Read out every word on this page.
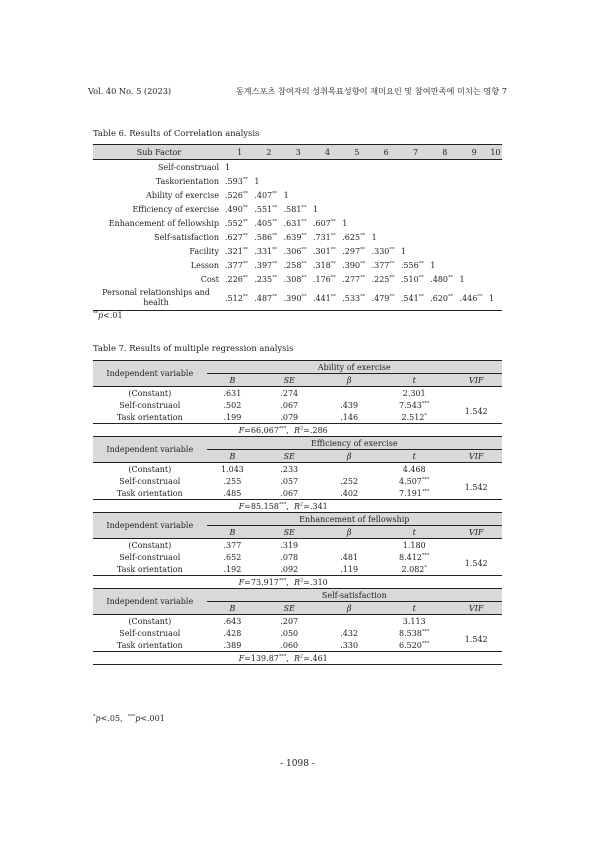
Vol. 40 No. 5 (2023)	동계스포츠 참여자의 성취목표성향이 재미요인 및 참여만족에 미치는 영향 7
Table 6. Results of Correlation analysis
Sub Factor	1	2	3	4	5	6	7	8	9	10
Self-construaol	1									
Taskorientation	.593**	1								
Ability of exercise	.526**	.407**	1							
Efficiency of exercise	.490**	.551**	.581**	1						
Enhancement of fellowship	.552**	.405**	.631**	.607**	1					
Self-satisfaction	.627**	.586**	.639**	.731**	.625**	1				
Facility	.321**	.331**	.306**	.301**	.297**	.330**	1			
Lesson	.377**	.397**	.258**	.318**	.390**	.377**	.556**	1		
Cost	.226**	.235**	.308**	.176**	.277**	.225**	.510**	.480**	1	
Personal relationships and health	.512**	.487**	.390**	.441**	.533**	.479**	.541**	.620**	.446**	1
**p<.01
Table 7. Results of multiple regression analysis
Independent variable	Ability of exercise				
	B	SE	β	t	VIF
(Constant)	.631	.274		2.301	
Self-construaol	.502	.067	.439	7.543***	1.542
Task orientation	.199	.079	.146	2.512*
	F=66.067***,  $R^2=.286$				
Independent variable	Efficiency of exercise				
	B	SE	β	t	VIF
(Constant)	1.043	.233		4.468	
Self-construaol	.255	.057	.252	4.507***	1.542
Task orientation	.485	.067	.402	7.191***
	F=85.158***,  $R^2=.341$				
Independent variable	Enhancement of fellowship				
	B	SE	β	t	VIF
(Constant)	.377	.319		1.180	
Self-construaol	.652	.078	.481	8.412***	1.542
Task orientation	.192	.092	.119	2.082*
	F=73.917***,  $R^2=.310$				
Independent variable	Self-satisfaction				
	B	SE	β	t	VIF
(Constant)	.643	.207		3.113	
Self-construaol	.428	.050	.432	8.538***	1.542
Task orientation	.389	.060	.330	6.520***
	F=139.87***,  $R^2=.461$				
*p<.05,  ***p<.001
- 1098 -
